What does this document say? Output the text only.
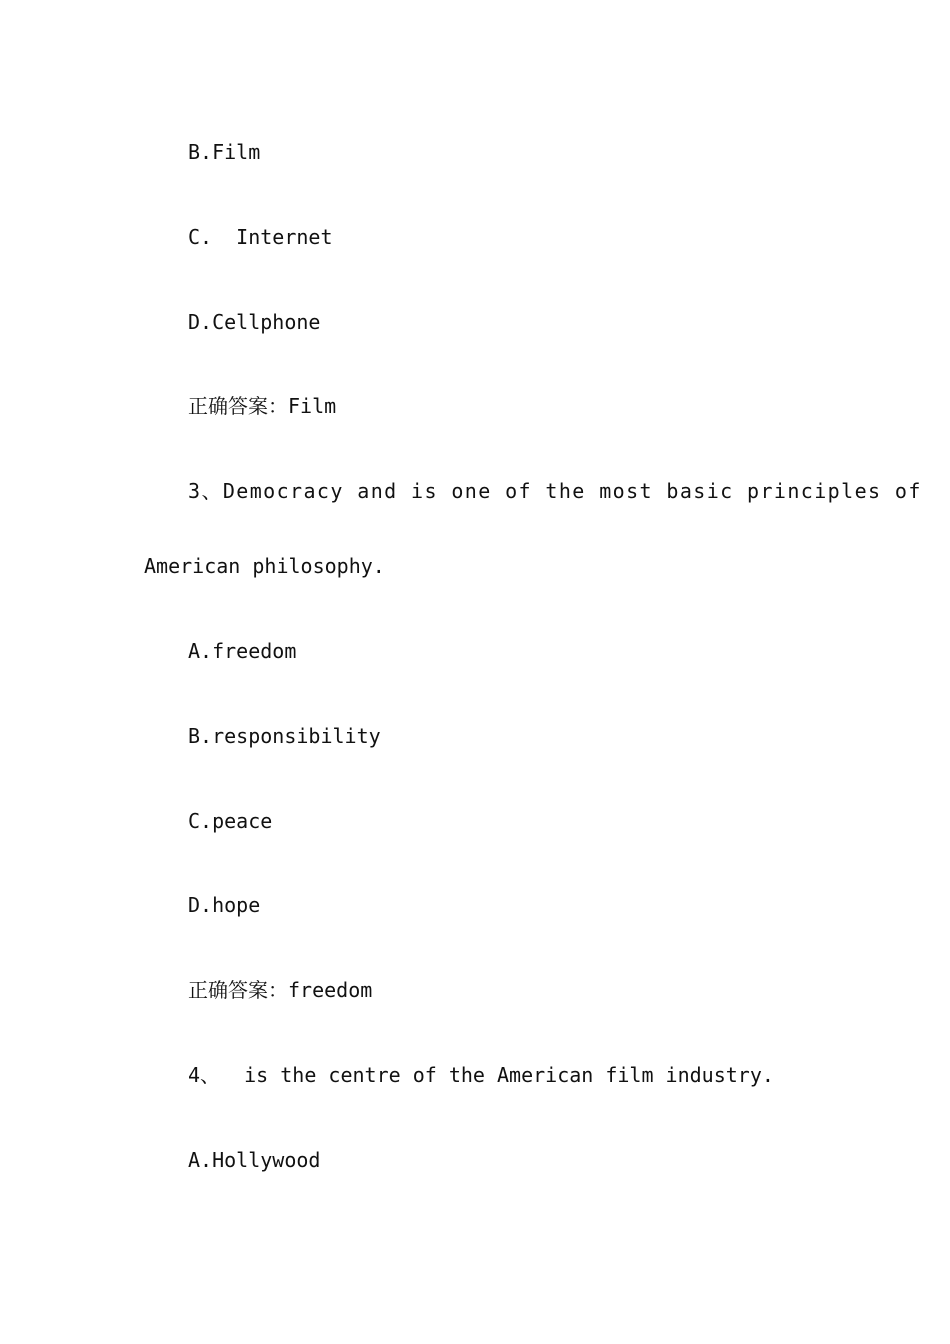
B.Film
C.  Internet
D.Cellphone
正确答案：Film
3、Democracy and is one of the most basic principles of
American philosophy.
A.freedom
B.responsibility
C.peace
D.hope
正确答案：freedom
4、  is the centre of the American film industry.
A.Hollywood
